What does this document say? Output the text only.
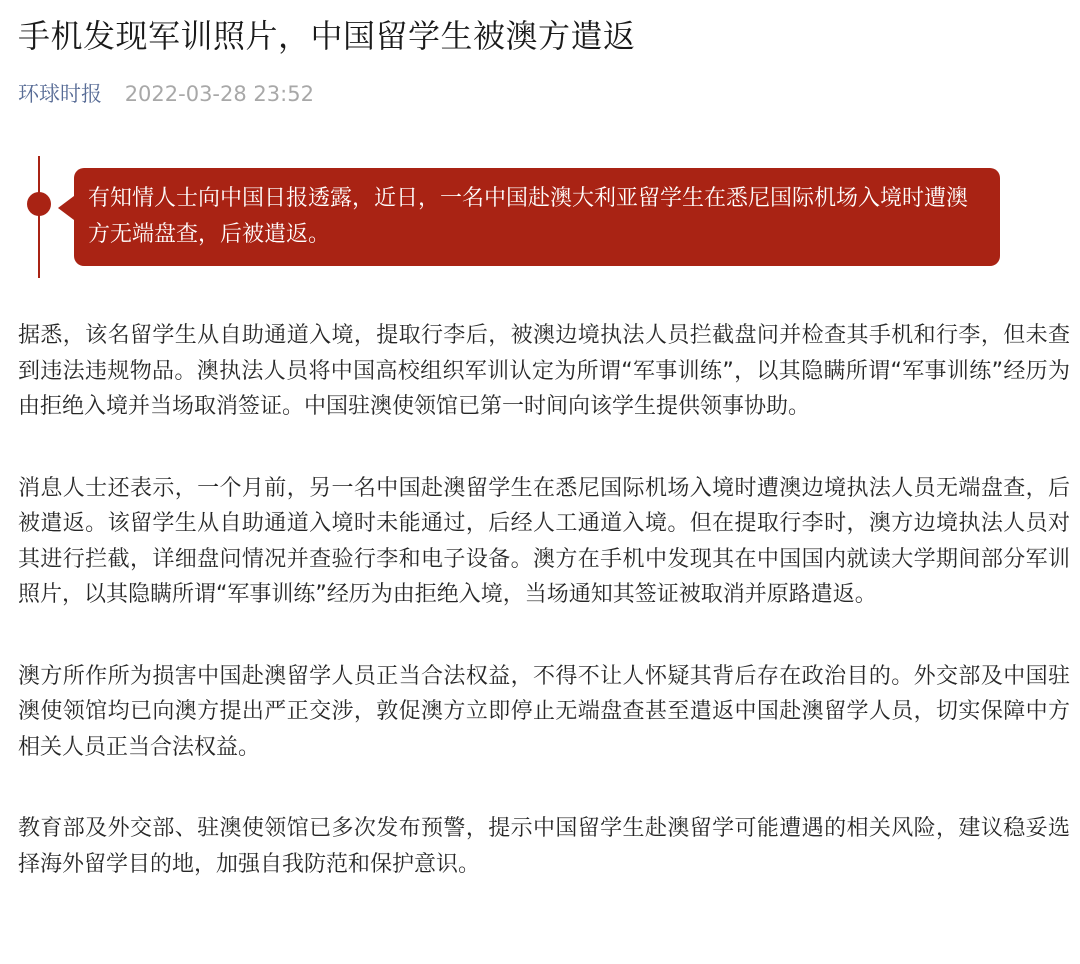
手机发现军训照片，中国留学生被澳方遣返
环球时报 2022-03-28 23:52
有知情人士向中国日报透露，近日，一名中国赴澳大利亚留学生在悉尼国际机场入境时遭澳方无端盘查，后被遣返。

据悉，该名留学生从自助通道入境，提取行李后，被澳边境执法人员拦截盘问并检查其手机和行李，但未查到违法违规物品。澳执法人员将中国高校组织军训认定为所谓“军事训练”，以其隐瞒所谓“军事训练”经历为由拒绝入境并当场取消签证。中国驻澳使领馆已第一时间向该学生提供领事协助。

消息人士还表示，一个月前，另一名中国赴澳留学生在悉尼国际机场入境时遭澳边境执法人员无端盘查，后被遣返。该留学生从自助通道入境时未能通过，后经人工通道入境。但在提取行李时，澳方边境执法人员对其进行拦截，详细盘问情况并查验行李和电子设备。澳方在手机中发现其在中国国内就读大学期间部分军训照片，以其隐瞒所谓“军事训练”经历为由拒绝入境，当场通知其签证被取消并原路遣返。

澳方所作所为损害中国赴澳留学人员正当合法权益，不得不让人怀疑其背后存在政治目的。外交部及中国驻澳使领馆均已向澳方提出严正交涉，敦促澳方立即停止无端盘查甚至遣返中国赴澳留学人员，切实保障中方相关人员正当合法权益。

教育部及外交部、驻澳使领馆已多次发布预警，提示中国留学生赴澳留学可能遭遇的相关风险，建议稳妥选择海外留学目的地，加强自我防范和保护意识。
